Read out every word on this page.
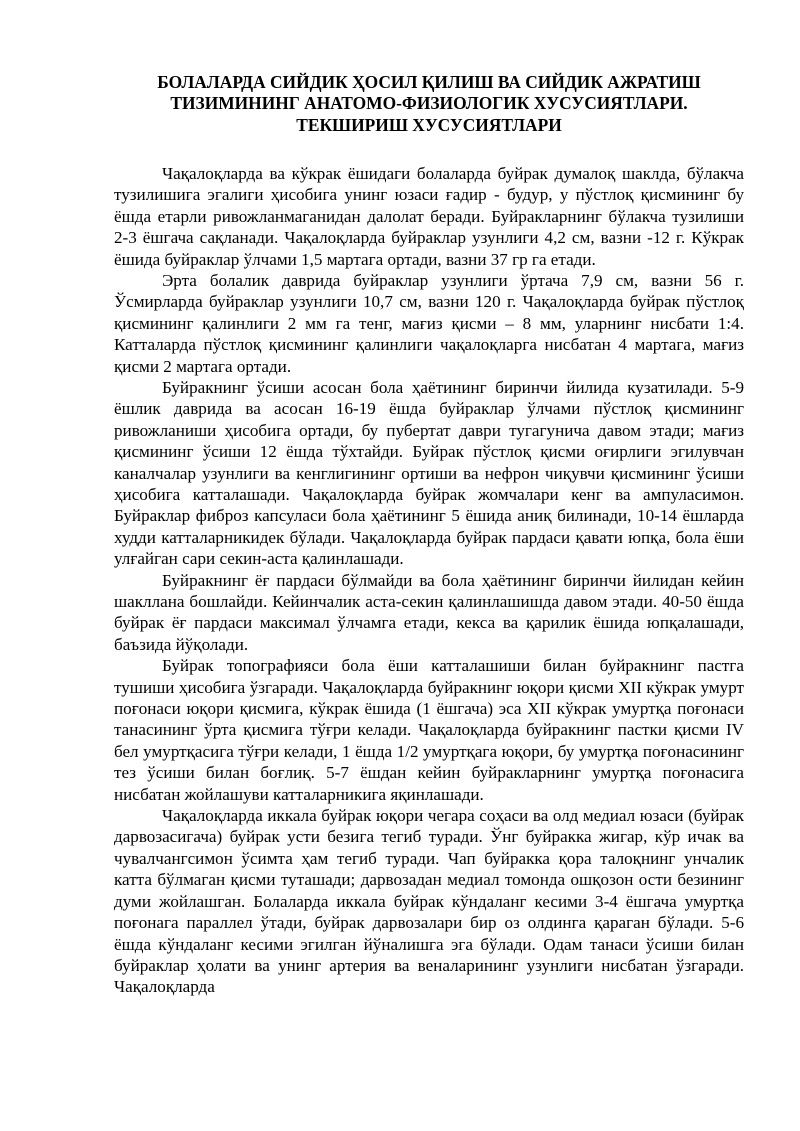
БОЛАЛАРДА СИЙДИК ҲОСИЛ ҚИЛИШ ВА СИЙДИК АЖРАТИШ
ТИЗИМИНИНГ АНАТОМО-ФИЗИОЛОГИК ХУСУСИЯТЛАРИ.
ТЕКШИРИШ ХУСУСИЯТЛАРИ

Чақалоқларда ва кўкрак ёшидаги болаларда буйрак думалоқ шаклда, бўлакча тузилишига эгалиги ҳисобига унинг юзаси ғадир - будур, у пўстлоқ қисмининг бу ёшда етарли ривожланмаганидан далолат беради. Буйракларнинг бўлакча тузилиши 2-3 ёшгача сақланади. Чақалоқларда буйраклар узунлиги 4,2 см, вазни -12 г. Кўкрак ёшида буйраклар ўлчами 1,5 мартага ортади, вазни 37 гр га етади.

Эрта болалик даврида буйраклар узунлиги ўртача 7,9 см, вазни 56 г. Ўсмирларда буйраклар узунлиги 10,7 см, вазни 120 г. Чақалоқларда буйрак пўстлоқ қисмининг қалинлиги 2 мм га тенг, мағиз қисми – 8 мм, уларнинг нисбати 1:4. Катталарда пўстлоқ қисмининг қалинлиги чақалоқларга нисбатан 4 мартага, мағиз қисми 2 мартага ортади.

Буйракнинг ўсиши асосан бола ҳаётининг биринчи йилида кузатилади. 5-9 ёшлик даврида ва асосан 16-19 ёшда буйраклар ўлчами пўстлоқ қисмининг ривожланиши ҳисобига ортади, бу пубертат даври тугагунича давом этади; мағиз қисмининг ўсиши 12 ёшда тўхтайди. Буйрак пўстлоқ қисми оғирлиги эгилувчан каналчалар узунлиги ва кенглигининг ортиши ва нефрон чиқувчи қисмининг ўсиши ҳисобига катталашади. Чақалоқларда буйрак жомчалари кенг ва ампуласимон. Буйраклар фиброз капсуласи бола ҳаётининг 5 ёшида аниқ билинади, 10-14 ёшларда худди катталарникидек бўлади. Чақалоқларда буйрак пардаси қавати юпқа, бола ёши улғайган сари секин-аста қалинлашади.

Буйракнинг ёғ пардаси бўлмайди ва бола ҳаётининг биринчи йилидан кейин шакллана бошлайди. Кейинчалик аста-секин қалинлашишда давом этади. 40-50 ёшда буйрак ёғ пардаси максимал ўлчамга етади, кекса ва қарилик ёшида юпқалашади, баъзида йўқолади.

Буйрак топографияси бола ёши катталашиши билан буйракнинг пастга тушиши ҳисобига ўзгаради. Чақалоқларда буйракнинг юқори қисми XII кўкрак умурт поғонаси юқори қисмига, кўкрак ёшида (1 ёшгача) эса XII кўкрак умуртқа поғонаси танасининг ўрта қисмига тўғри келади. Чақалоқларда буйракнинг пастки қисми IV бел умуртқасига тўғри келади, 1 ёшда 1/2 умуртқага юқори, бу умуртқа поғонасининг тез ўсиши билан боғлиқ. 5-7 ёшдан кейин буйракларнинг умуртқа поғонасига нисбатан жойлашуви катталарникига яқинлашади.

Чақалоқларда иккала буйрак юқори чегара соҳаси ва олд медиал юзаси (буйрак дарвозасигача) буйрак усти безига тегиб туради. Ўнг буйракка жигар, кўр ичак ва чувалчангсимон ўсимта ҳам тегиб туради. Чап буйракка қора талоқнинг унчалик катта бўлмаган қисми туташади; дарвозадан медиал томонда ошқозон ости безининг думи жойлашган. Болаларда иккала буйрак кўндаланг кесими 3-4 ёшгача умуртқа поғонага параллел ўтади, буйрак дарвозалари бир оз олдинга қараган бўлади. 5-6 ёшда кўндаланг кесими эгилган йўналишга эга бўлади. Одам танаси ўсиши билан буйраклар ҳолати ва унинг артерия ва веналарининг узунлиги нисбатан ўзгаради. Чақалоқларда
